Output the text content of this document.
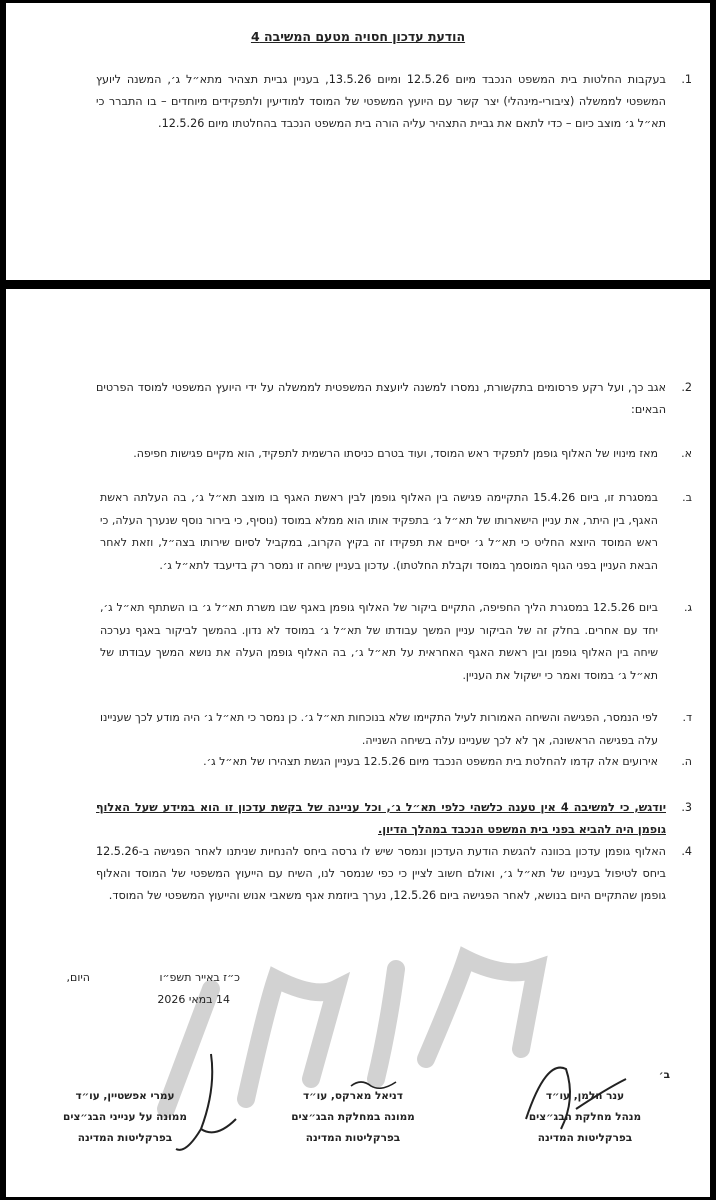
הודעת עדכון חסויה מטעם המשיבה 4
.1
בעקבות החלטות בית המשפט הנכבד מיום 12.5.26 ומיום 13.5.26, בעניין גביית תצהיר מתא״ל ג׳, המשנה ליועץ המשפטי לממשלה (ציבורי-מינהלי) יצר קשר עם היועץ המשפטי של המוסד למודיעין ולתפקידים מיוחדים – בו התברר כי תא״ל ג׳ מוצב כיום – כדי לתאם את גביית התצהיר עליה הורה בית המשפט הנכבד בהחלטתו מיום 12.5.26.
.2
אגב כך, ועל רקע פרסומים בתקשורת, נמסרו למשנה ליועצת המשפטית לממשלה על ידי היועץ המשפטי למוסד הפרטים הבאים:
א.
מאז מינויו של האלוף גופמן לתפקיד ראש המוסד, ועוד בטרם כניסתו הרשמית לתפקיד, הוא מקיים פגישות חפיפה.
ב.
במסגרת זו, ביום 15.4.26 התקיימה פגישה בין האלוף גופמן לבין ראשת האגף בו מוצב תא״ל ג׳, בה העלתה ראשת האגף, בין היתר, את עניין הישארותו של תא״ל ג׳ בתפקיד אותו הוא ממלא במוסד (נוסיף, כי בירור נוסף שנערך העלה, כי ראש המוסד היוצא החליט כי תא״ל ג׳ יסיים את תפקידו זה בקיץ הקרוב, במקביל לסיום שירותו בצה״ל, וזאת לאחר הבאת העניין בפני הגוף המוסמך במוסד וקבלת החלטתו). עדכון בעניין שיחה זו נמסר רק בדיעבד לתא״ל ג׳.
ג.
ביום 12.5.26 במסגרת הליך החפיפה, התקיים ביקור של האלוף גופמן באגף שבו משרת תא״ל ג׳ בו השתתף תא״ל ג׳, יחד עם אחרים. בחלק זה של הביקור עניין המשך עבודתו של תא״ל ג׳ במוסד לא נדון. בהמשך לביקור באגף נערכה שיחה בין האלוף גופמן ובין ראשת האגף האחראית על תא״ל ג׳, בה האלוף גופמן העלה את נושא המשך עבודתו של תא״ל ג׳ במוסד ואמר כי ישקול את העניין.
ד.
לפי הנמסר, הפגישה והשיחה האמורות לעיל התקיימו שלא בנוכחות תא״ל ג׳. כן נמסר כי תא״ל ג׳ היה מודע לכך שעניינו עלה בפגישה הראשונה, אך לא לכך שעניינו עלה בשיחה השנייה.
ה.
אירועים אלה קדמו להחלטת בית המשפט הנכבד מיום 12.5.26 בעניין הגשת תצהירו של תא״ל ג׳.
.3
יודגש, כי למשיבה 4 אין טענה כלשהי כלפי תא״ל ג׳, וכל עניינה של בקשת עדכון זו הוא במידע שעל האלוף גופמן היה להביא בפני בית המשפט הנכבד במהלך הדיון.
.4
האלוף גופמן עדכון בכוונה להגשת הודעת העדכון ונמסר שיש לו גרסה ביחס להנחיות שניתנו לאחר הפגישה ב-12.5.26 ביחס לטיפול בעניינו של תא״ל ג׳, ואולם חשוב לציין כי כפי שנמסר לנו, השיח עם הייעוץ המשפטי של המוסד והאלוף גופמן שהתקיים היום בנושא, לאחר הפגישה ביום 12.5.26, נערך ביוזמת אגף משאבי אנוש והייעוץ המשפטי של המוסד.
היום,	כ״ז באייר תשפ״ו
14 במאי 2026
ב׳
ענר הלמן, עו״ד
מנהל מחלקת הבג״צים
בפרקליטות המדינה
דניאל מארקס, עו״ד
ממונה במחלקת הבג״צים
בפרקליטות המדינה
עמרי אפשטיין, עו״ד
ממונה על ענייני הבג״צים
בפרקליטות המדינה
